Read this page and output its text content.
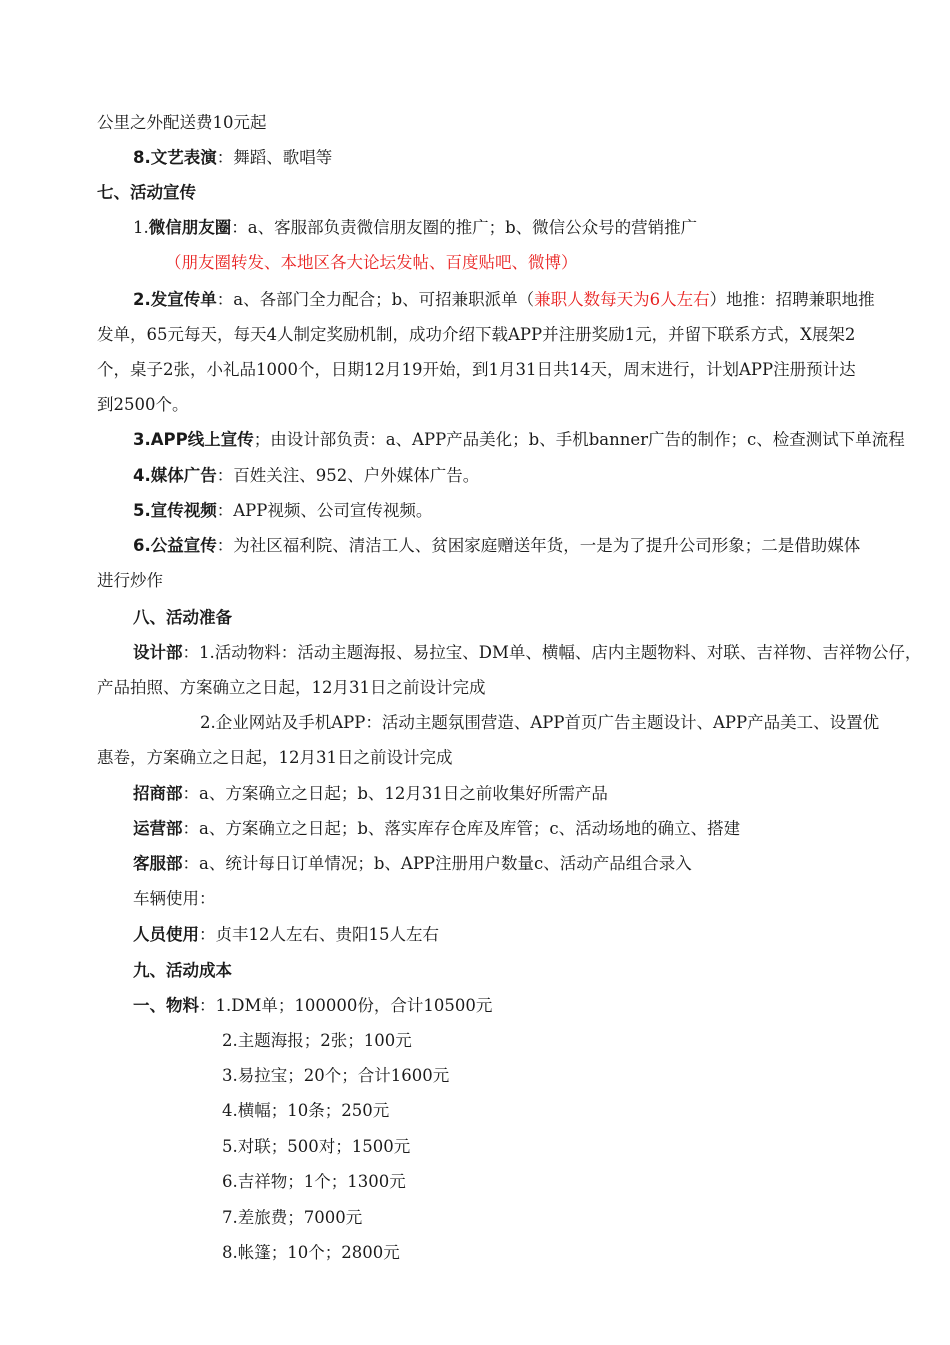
公里之外配送费10元起
8.文艺表演：舞蹈、歌唱等
七、活动宣传
1.微信朋友圈：a、客服部负责微信朋友圈的推广；b、微信公众号的营销推广
（朋友圈转发、本地区各大论坛发帖、百度贴吧、微博）
2.发宣传单：a、各部门全力配合；b、可招兼职派单（兼职人数每天为6人左右）地推：招聘兼职地推
发单，65元每天，每天4人制定奖励机制，成功介绍下载APP并注册奖励1元，并留下联系方式，X展架2
个，桌子2张，小礼品1000个，日期12月19开始，到1月31日共14天，周末进行，计划APP注册预计达
到2500个。
3.APP线上宣传；由设计部负责：a、APP产品美化；b、手机banner广告的制作；c、检查测试下单流程
4.媒体广告：百姓关注、952、户外媒体广告。
5.宣传视频：APP视频、公司宣传视频。
6.公益宣传：为社区福利院、清洁工人、贫困家庭赠送年货，一是为了提升公司形象；二是借助媒体
进行炒作
八、活动准备
设计部：1.活动物料：活动主题海报、易拉宝、DM单、横幅、店内主题物料、对联、吉祥物、吉祥物公仔，
产品拍照、方案确立之日起，12月31日之前设计完成
2.企业网站及手机APP：活动主题氛围营造、APP首页广告主题设计、APP产品美工、设置优
惠卷，方案确立之日起，12月31日之前设计完成
招商部：a、方案确立之日起；b、12月31日之前收集好所需产品
运营部：a、方案确立之日起；b、落实库存仓库及库管；c、活动场地的确立、搭建
客服部：a、统计每日订单情况；b、APP注册用户数量c、活动产品组合录入
车辆使用：
人员使用：贞丰12人左右、贵阳15人左右
九、活动成本
一、物料：1.DM单；100000份，合计10500元
2.主题海报；2张；100元
3.易拉宝；20个；合计1600元
4.横幅；10条；250元
5.对联；500对；1500元
6.吉祥物；1个；1300元
7.差旅费；7000元
8.帐篷；10个；2800元
